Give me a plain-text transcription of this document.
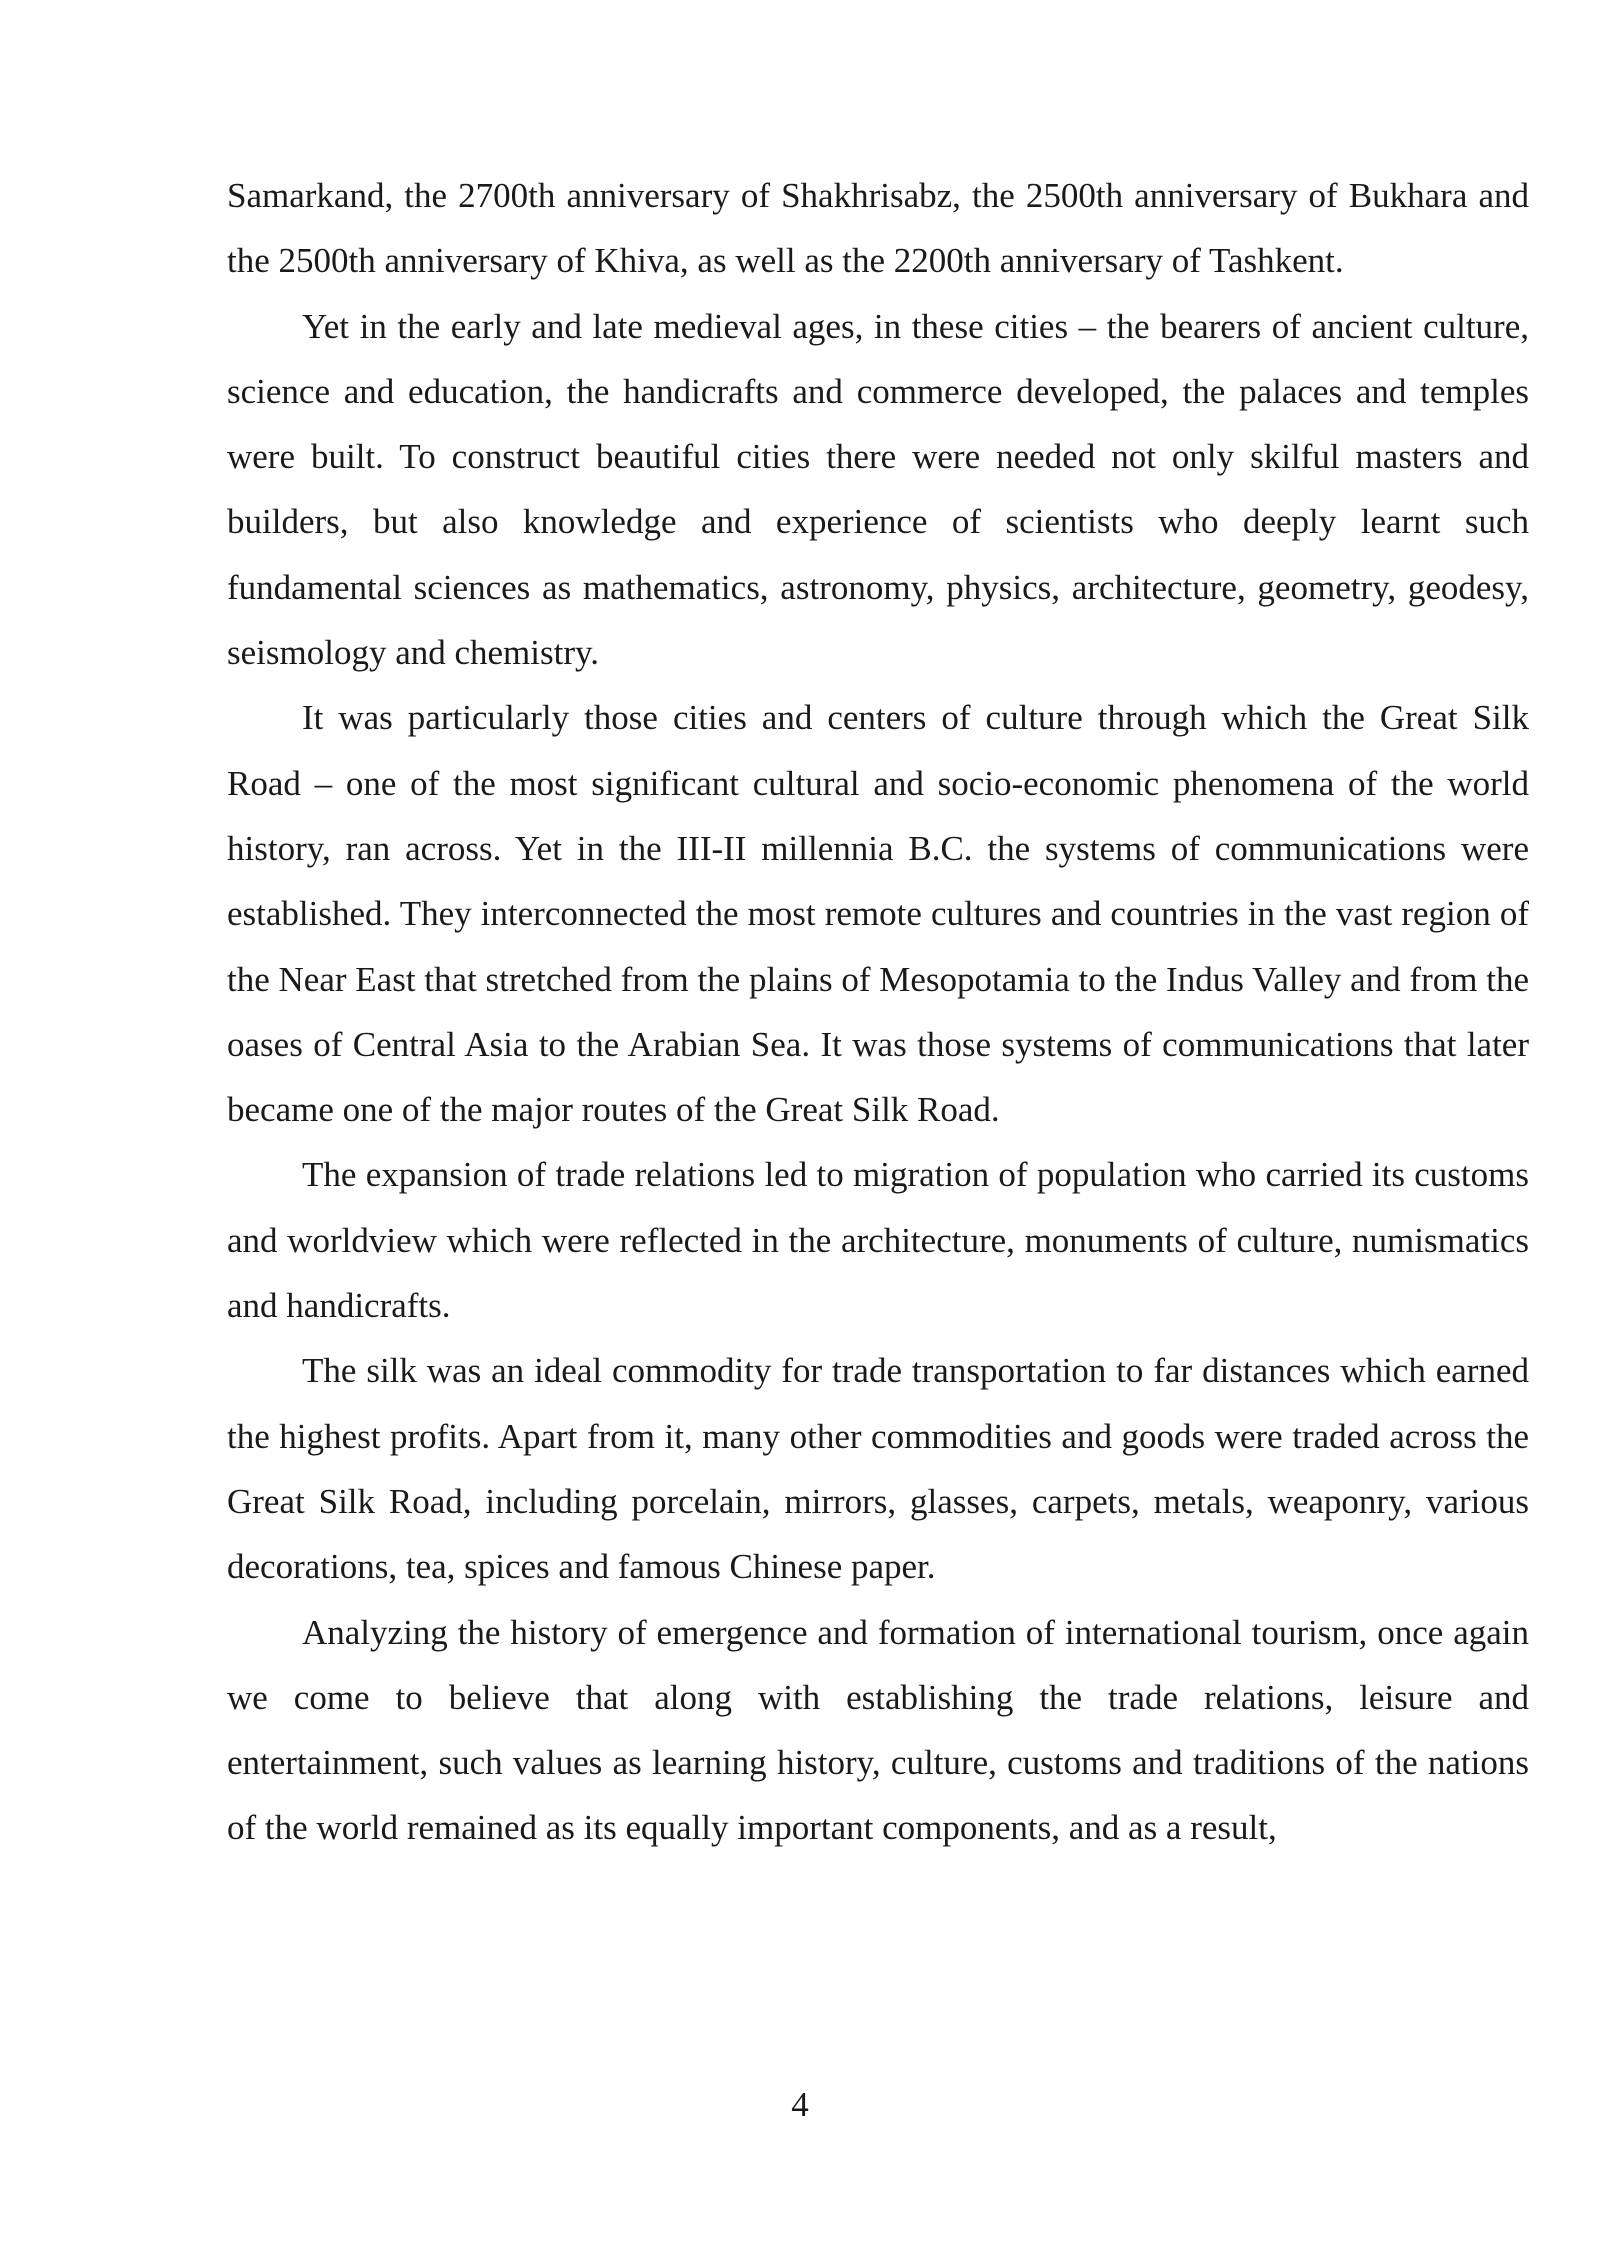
Samarkand, the 2700th anniversary of Shakhrisabz, the 2500th anniversary of Bukhara and the 2500th anniversary of Khiva, as well as the 2200th anniversary of Tashkent.

Yet in the early and late medieval ages, in these cities – the bearers of ancient culture, science and education, the handicrafts and commerce developed, the palaces and temples were built. To construct beautiful cities there were needed not only skilful masters and builders, but also knowledge and experience of scientists who deeply learnt such fundamental sciences as mathematics, astronomy, physics, architecture, geometry, geodesy, seismology and chemistry.

It was particularly those cities and centers of culture through which the Great Silk Road – one of the most significant cultural and socio-economic phenomena of the world history, ran across. Yet in the III-II millennia B.C. the systems of communications were established. They interconnected the most remote cultures and countries in the vast region of the Near East that stretched from the plains of Mesopotamia to the Indus Valley and from the oases of Central Asia to the Arabian Sea. It was those systems of communications that later became one of the major routes of the Great Silk Road.

The expansion of trade relations led to migration of population who carried its customs and worldview which were reflected in the architecture, monuments of culture, numismatics and handicrafts.

The silk was an ideal commodity for trade transportation to far distances which earned the highest profits. Apart from it, many other commodities and goods were traded across the Great Silk Road, including porcelain, mirrors, glasses, carpets, metals, weaponry, various decorations, tea, spices and famous Chinese paper.

Analyzing the history of emergence and formation of international tourism, once again we come to believe that along with establishing the trade relations, leisure and entertainment, such values as learning history, culture, customs and traditions of the nations of the world remained as its equally important components, and as a result,

4
